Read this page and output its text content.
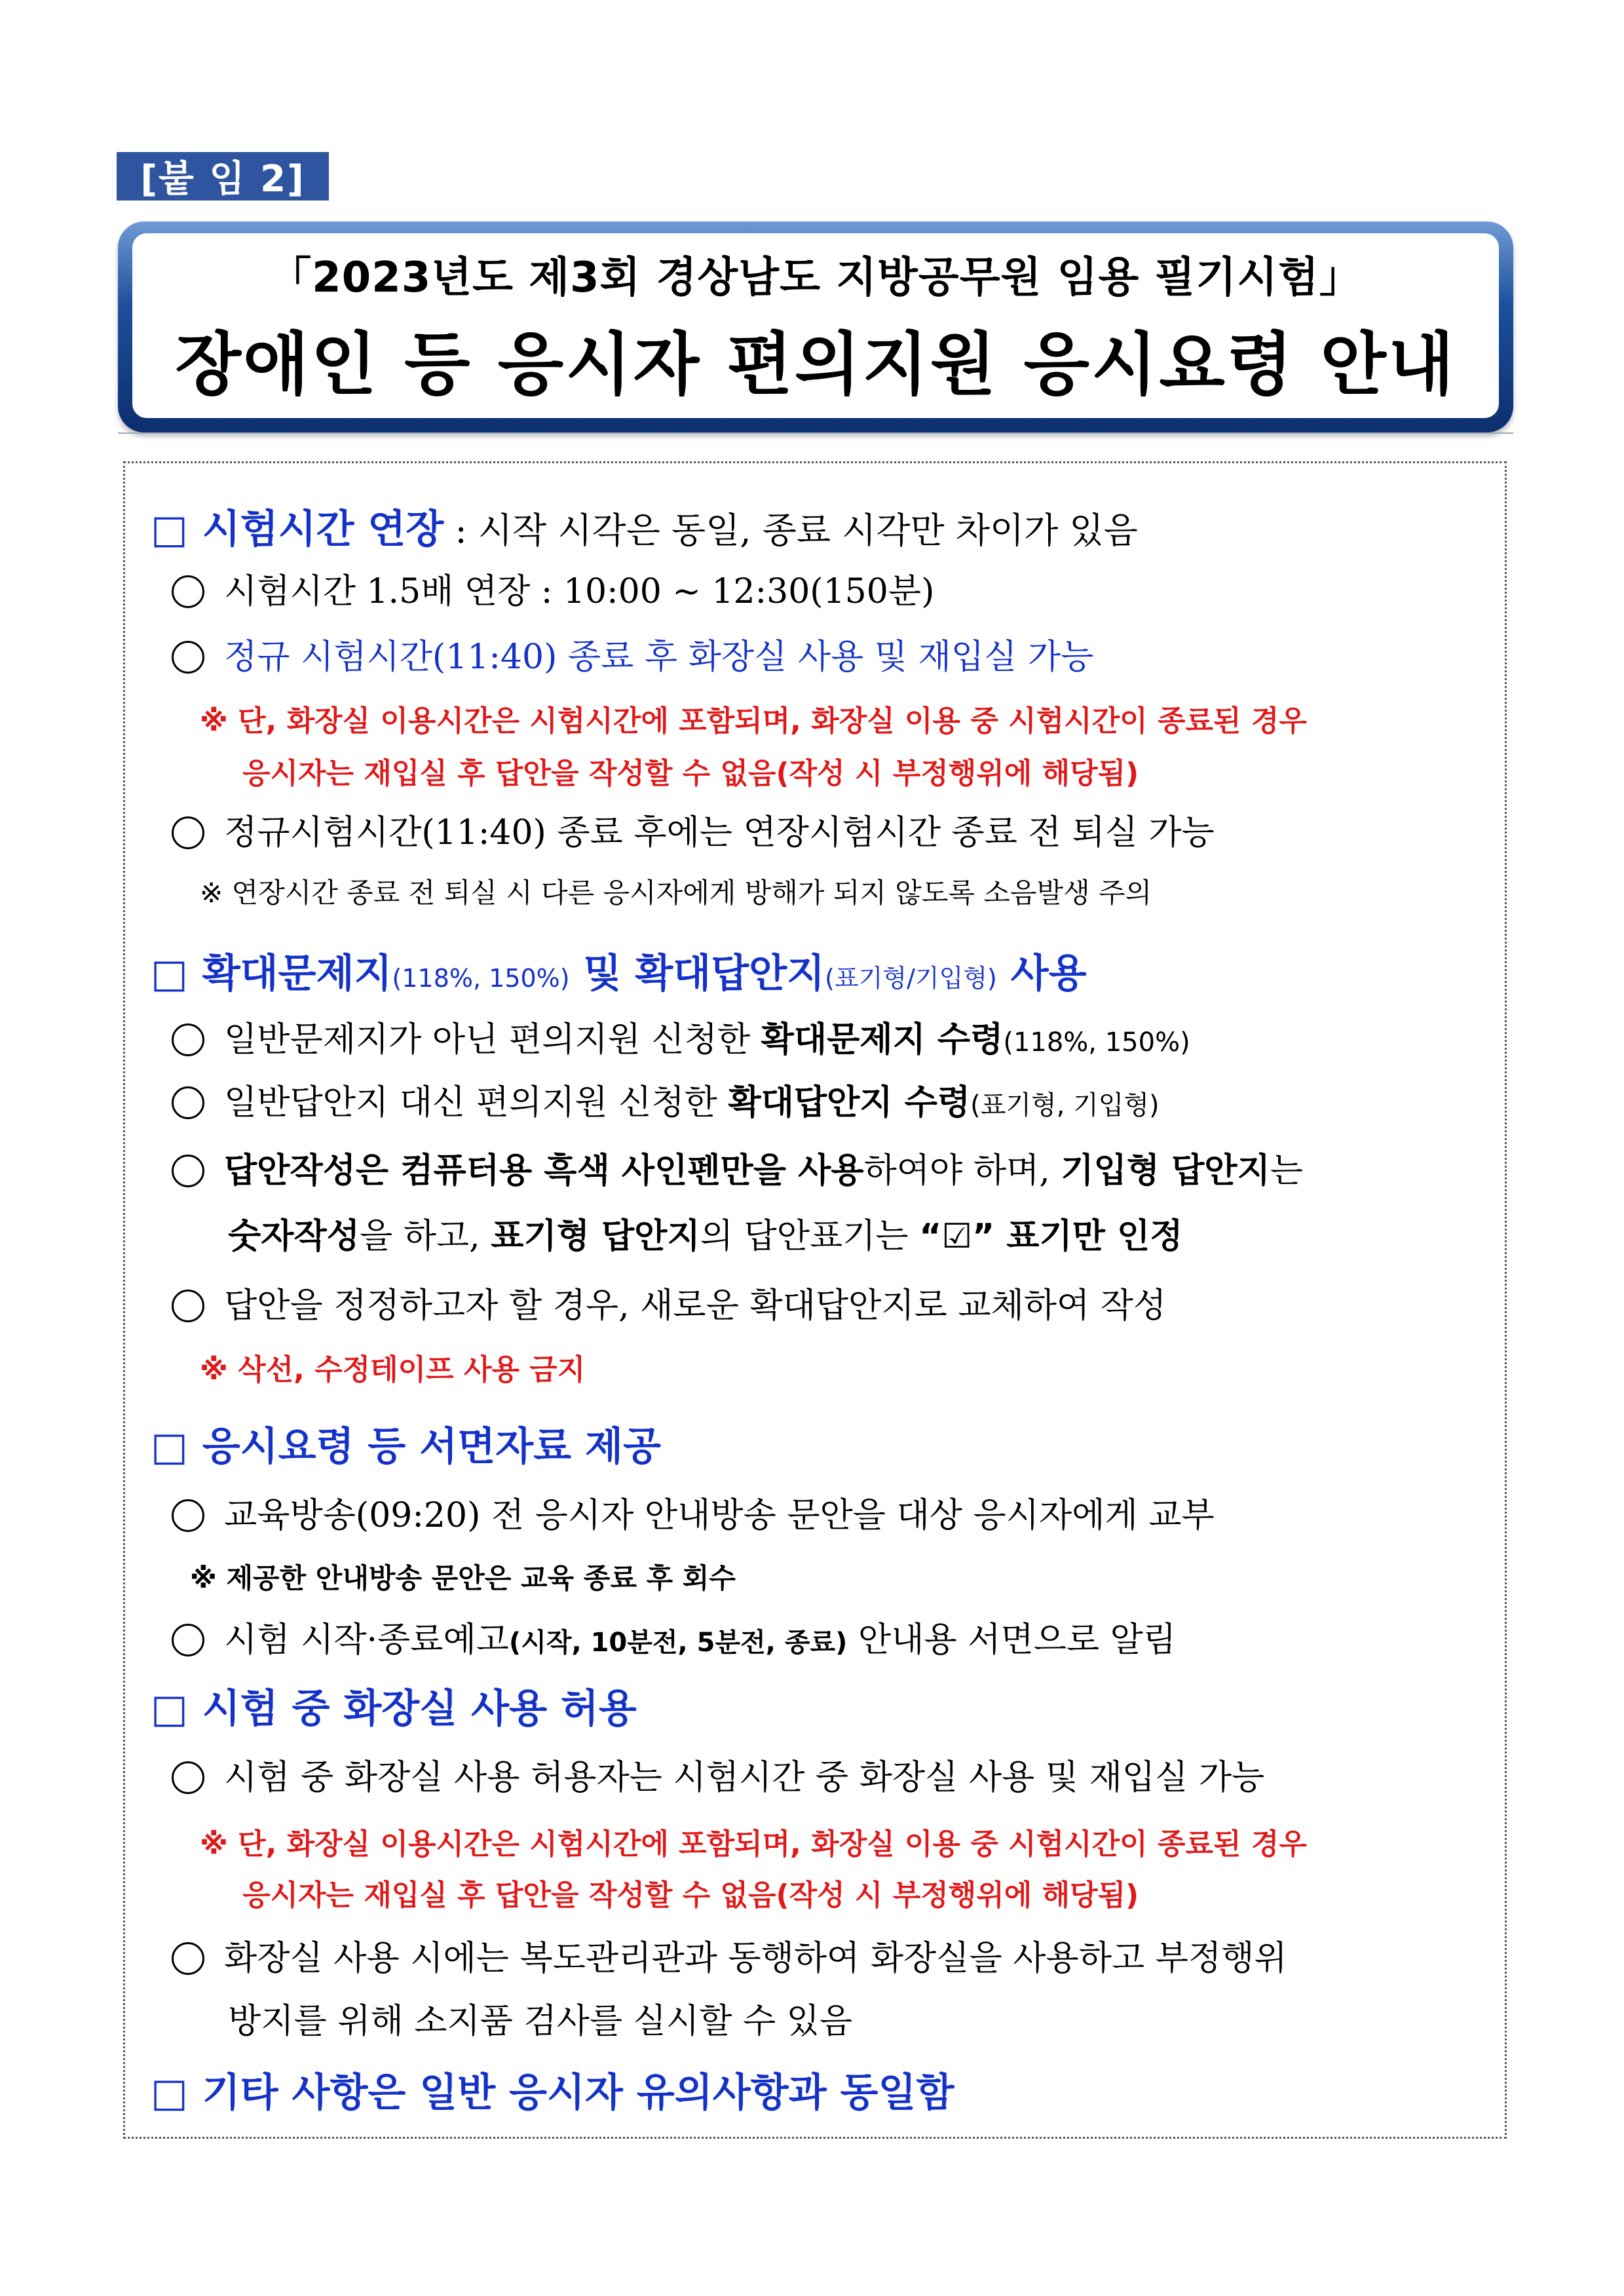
[붙 임 2]
「2023년도 제3회 경상남도 지방공무원 임용 필기시험」
장애인 등 응시자 편의지원 응시요령 안내
□ 시험시간 연장 : 시작 시각은 동일, 종료 시각만 차이가 있음
시험시간 1.5배 연장 : 10:00 ~ 12:30(150분)
정규 시험시간(11:40) 종료 후 화장실 사용 및 재입실 가능
※ 단, 화장실 이용시간은 시험시간에 포함되며, 화장실 이용 중 시험시간이 종료된 경우
응시자는 재입실 후 답안을 작성할 수 없음(작성 시 부정행위에 해당됨)
정규시험시간(11:40) 종료 후에는 연장시험시간 종료 전 퇴실 가능
※ 연장시간 종료 전 퇴실 시 다른 응시자에게 방해가 되지 않도록 소음발생 주의
□ 확대문제지(118%, 150%) 및 확대답안지(표기형/기입형) 사용
일반문제지가 아닌 편의지원 신청한 확대문제지 수령(118%, 150%)
일반답안지 대신 편의지원 신청한 확대답안지 수령(표기형, 기입형)
답안작성은 컴퓨터용 흑색 사인펜만을 사용하여야 하며, 기입형 답안지는
숫자작성을 하고, 표기형 답안지의 답안표기는 “☑” 표기만 인정
답안을 정정하고자 할 경우, 새로운 확대답안지로 교체하여 작성
※ 삭선, 수정테이프 사용 금지
□ 응시요령 등 서면자료 제공
교육방송(09:20) 전 응시자 안내방송 문안을 대상 응시자에게 교부
※ 제공한 안내방송 문안은 교육 종료 후 회수
시험 시작·종료예고(시작, 10분전, 5분전, 종료) 안내용 서면으로 알림
□ 시험 중 화장실 사용 허용
시험 중 화장실 사용 허용자는 시험시간 중 화장실 사용 및 재입실 가능
※ 단, 화장실 이용시간은 시험시간에 포함되며, 화장실 이용 중 시험시간이 종료된 경우
응시자는 재입실 후 답안을 작성할 수 없음(작성 시 부정행위에 해당됨)
화장실 사용 시에는 복도관리관과 동행하여 화장실을 사용하고 부정행위
방지를 위해 소지품 검사를 실시할 수 있음
□ 기타 사항은 일반 응시자 유의사항과 동일함
